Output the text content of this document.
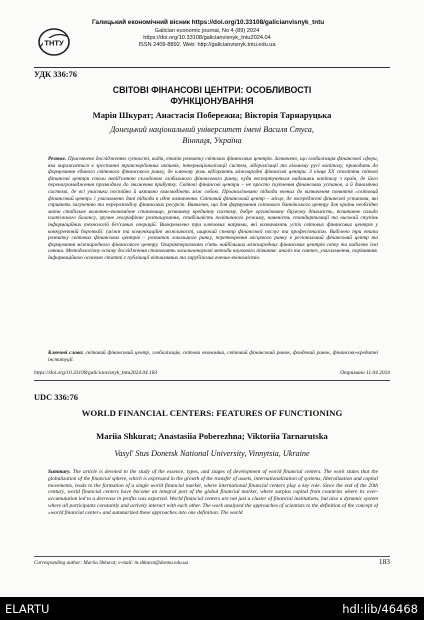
ТНТУ
Галицький економічний вісник https://doi.org/10.33108/galicianvisnyk_tntu
Galician economic journal, No 4 (89) 2024
https://doi.org/10.33108/galicianvisnyk_tntu2024.04
ISSN 2409-8892. Web: http://galicianvisnyk.tntu.edu.ua
УДК 336:76
СВІТОВІ ФІНАНСОВІ ЦЕНТРИ: ОСОБЛИВОСТІ
ФУНКЦІОНУВАННЯ
Марія Шкурат; Анастасія Побережна; Вікторія Тарнаруцька
Донецький національний університет імені Василя Стуса,
Вінниця, Україна
Резюме. Присвячено дослідженню сутності, видів, етапів розвитку світових фінансових центрів. Зазначено, що глобалізація фінансової сфери, яка виражається в зростанні транскордонних активів, інтернаціоналізації систем, лібералізації та вільному русі капіталу, приводить до формування єдиного світового фінансового ринку, де ключову роль відіграють міжнародні фінансові центри. З кінця ХХ століття світові фінансові центри стали невід'ємною складовою глобального фінансового ринку, куди експортуються надлишки капіталу з країн, де його перенагромадження призводило до зниження прибутку. Світові фінансові центри – не просто скупчення фінансових установ, а й динамічна система, де всі учасники постійно й активно взаємодіють між собою. Проаналізовано підходи вчених до визначення поняття «світовий фінансовий центр» і узагальнено дані підходи в одне визначення. Світовий фінансовий центр – місце, де зосереджені фінансові установи, які сприяють залученню та перерозподілу фінансових ресурсів. Виявлено, що для формування світового банківського центру для країни необхідно мати стабільне валютно-економічне становище, розвинену кредитну систему, добре організовану біржову діяльність, позитивне сальдо платіжного балансу, зручне географічне розташування, стабільність політичного режиму, наявність стандартизації та високий ступінь інформаційних технологій без'ємних операцій. Виокремлено три ключових напрями, які визначають успіх світових фінансових центрів у конкурентній боротьбі: (міжн та комунікаційні можливості, широкий спектр фінансової послуг та професіоналізм. Виділено три етапи розвитку світових фінансових центрів – розвиток локального ринку, перетворення місцевого ринку в регіональний фінансовий центр та формування міжнародного фінансового центру. Охарактеризовано п'ять найбільших міжнародних фінансових центрів світу та виділено їхні ознаки. Методологічну основу дослідження становлять загальнонаукові методи наукового пізнання: аналіз та синтез, узагальнення, порівняння. Інформаційною основою статті є публікації вітчизняних та зарубіжних вчених-економістів.
Ключові слова: світовий фінансовий центр, глобалізація, світова економіка, світовий фінансовий ринок, фондовий ринок, фінансово-кредитні інституції.
https://doi.org/10.33108/galicianvisnyk_tntu2024.04.183	Отримано 11.04.2024
UDC 336:76
WORLD FINANCIAL CENTERS: FEATURES OF FUNCTIONING
Mariia Shkurat; Anastasiia Poberezhna; Viktoriia Tarnarutska
Vasyl' Stus Donetsk National University, Vinnytsia, Ukraine
Summary. The article is devoted to the study of the essence, types, and stages of development of world financial centers. The work states that the globalization of the financial sphere, which is expressed in the growth of the transfer of assets, internationalization of systems, liberalization and capital movements, leads to the formation of a single world financial market, where international financial centers play a key role. Since the end of the 20th century, world financial centers have become an integral part of the global financial market, where surplus capital from countries where its over-accumulation led to a decrease in profits was exported. World financial centers are not just a cluster of financial institutions, but also a dynamic system where all participants constantly and actively interact with each other. The work analyzed the approaches of scientists to the definition of the concept of «world financial center» and summarized these approaches into one definition. The world
Corresponding author: Mariia Shkurat; e-mail: m.shkurat@donnu.edu.ua	183
ELARTU	hdl:lib/46468
